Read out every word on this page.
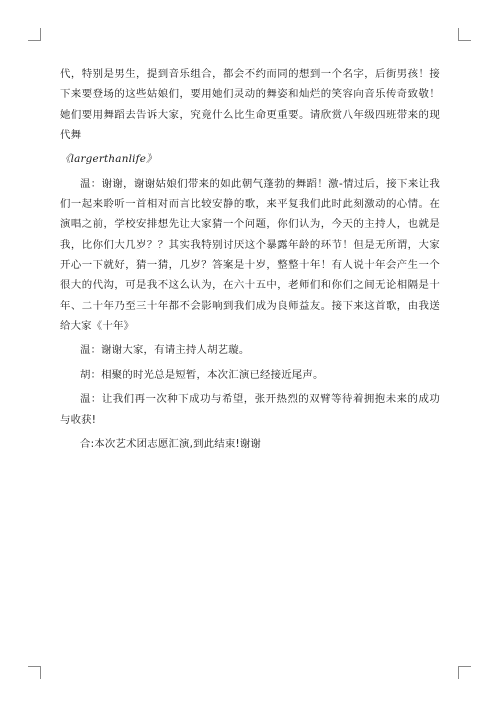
代，特别是男生，提到音乐组合，都会不约而同的想到一个名字，后街男孩！接下来要登场的这些姑娘们，要用她们灵动的舞姿和灿烂的笑容向音乐传奇致敬！她们要用舞蹈去告诉大家，究竟什么比生命更重要。请欣赏八年级四班带来的现代舞

《larger​than​life》

温：谢谢，谢谢姑娘们带来的如此朝气蓬勃的舞蹈！激-情过后，接下来让我们一起来聆听一首相对而言比较安静的歌，来平复我们此时此刻激动的心情。在演唱之前，学校安排想先让大家猜一个问题，你们认为，今天的主持人，也就是我，比你们大几岁？？其实我特别讨厌这个暴露年龄的环节！但是无所谓，大家开心一下就好，猜一猜，几岁？答案是十岁，整整十年！有人说十年会产生一个很大的代沟，可是我不这么认为，在六十五中，老师们和你们之间无论相隔是十年、二十年乃至三十年都不会影响到我们成为良师益友。接下来这首歌，由我送给大家《十年》

温：谢谢大家，有请主持人胡艺璇。

胡：相聚的时光总是短暂，本次汇演已经接近尾声。

温：让我们再一次种下成功与希望，张开热烈的双臂等待着拥抱未来的成功与收获!

合:本次艺术团志愿汇演,到此结束!谢谢
